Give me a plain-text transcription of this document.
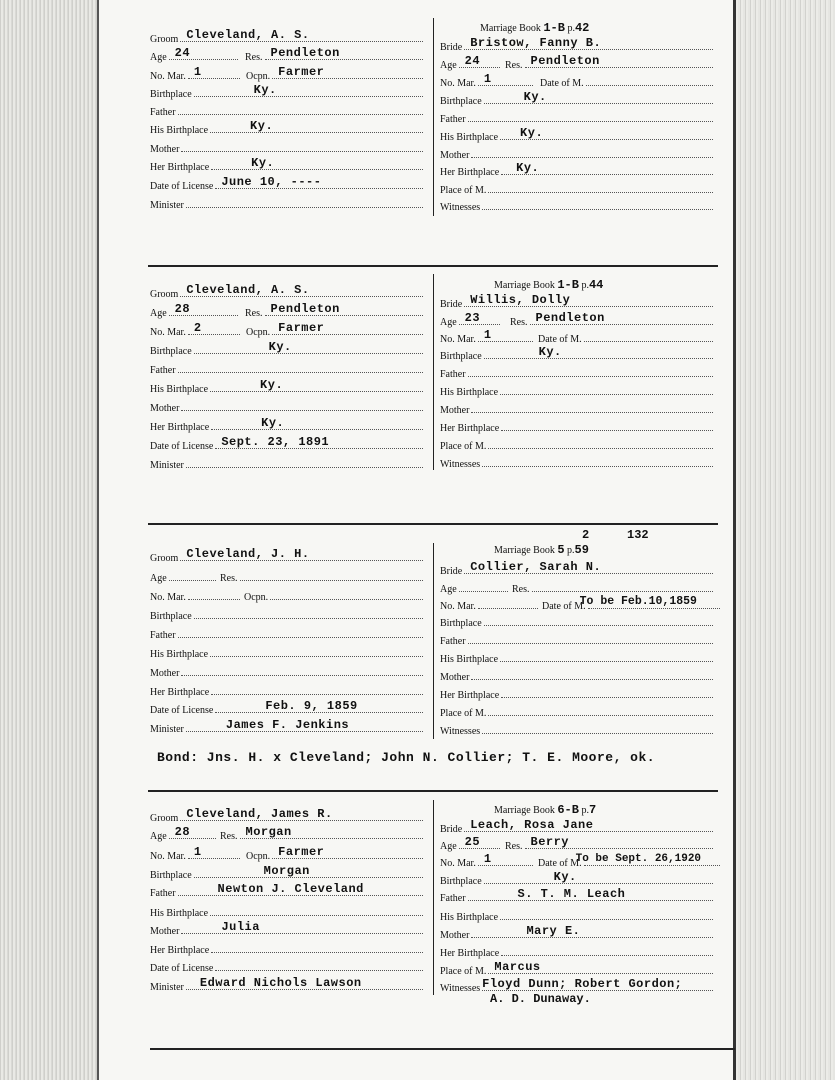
Marriage Book 1-B p.42
Groom Cleveland, A. S.
Age 24	Res. Pendleton
No. Mar. 1	Ocpn. Farmer
Birthplace	Ky.
Father
His Birthplace	Ky.
Mother
Her Birthplace	Ky.
Date of License June 10, ----
Minister
Bride Bristow, Fanny B.
Age 24 Res. Pendleton
No. Mar. 1	Date of M.
Birthplace	Ky.
Father
His Birthplace Ky.
Mother
Her Birthplace Ky.
Place of M.
Witnesses
Marriage Book 1-B p.44
Groom Cleveland, A. S.
Age 28	Res. Pendleton
No. Mar. 2	Ocpn. Farmer
Birthplace	Ky.
Father
His Birthplace	Ky.
Mother
Her Birthplace	Ky.
Date of License Sept. 23, 1891
Minister
Bride Willis, Dolly
Age 23	Res. Pendleton
No. Mar. 1	Date of M.
Birthplace	Ky.
Father
His Birthplace
Mother
Her Birthplace
Place of M.
Witnesses
2	132
Marriage Book 5 p.59
Groom Cleveland, J. H.
Age	Res.
No. Mar.	Ocpn.
Birthplace
Father
His Birthplace
Mother
Her Birthplace
Date of License	Feb. 9, 1859
Minister	James F. Jenkins
Bride Collier, Sarah N.
Age	Res.
No. Mar.	Date of M.
To be Feb.10,1859
Birthplace
Father
His Birthplace
Mother
Her Birthplace
Place of M.
Witnesses
Bond: Jns. H. x Cleveland; John N. Collier; T. E. Moore, ok.
Marriage Book 6-B p.7
Groom Cleveland, James R.
Age 28	Res. Morgan
No. Mar. 1	Ocpn. Farmer
Birthplace	Morgan
Father	Newton J. Cleveland
His Birthplace
Mother	Julia
Her Birthplace
Date of License
Minister Edward Nichols Lawson
Bride Leach, Rosa Jane
Age 25 Res. Berry
No. Mar. 1	Date of M.
To be Sept. 26,1920
Birthplace	Ky.
Father	S. T. M. Leach
His Birthplace
Mother	Mary E.
Her Birthplace
Place of M. Marcus
Witnesses Floyd Dunn; Robert Gordon;
A. D. Dunaway.
